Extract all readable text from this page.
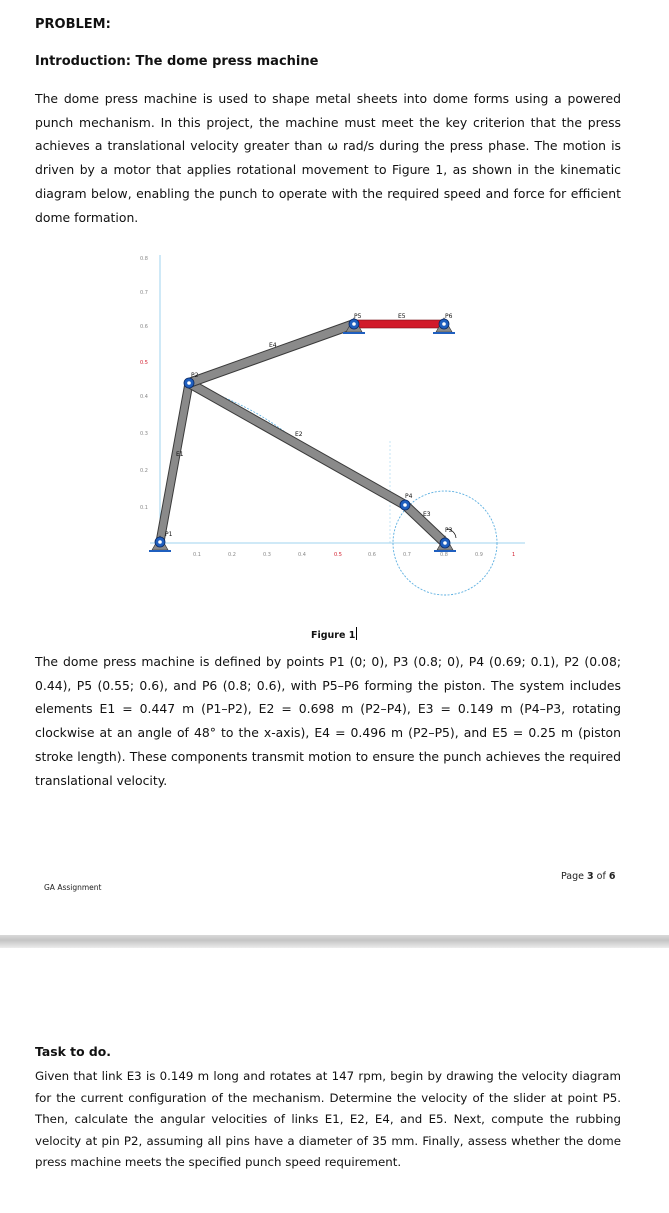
PROBLEM:
Introduction: The dome press machine

The dome press machine is used to shape metal sheets into dome forms using a powered punch mechanism. In this project, the machine must meet the key criterion that the press achieves a translational velocity greater than ω rad/s during the press phase. The motion is driven by a motor that applies rotational movement to Figure 1, as shown in the kinematic diagram below, enabling the punch to operate with the required speed and force for efficient dome formation.

0.1
0.2
0.3
0.4
0.5
0.6
0.7
0.8
0.1	0.2	0.3	0.4	0.5	0.6	0.7	0.8	0.9	1
P1
P2
P3
P4
P5	P6
E1
E2
E3
E4
E5
Figure 1

The dome press machine is defined by points P1 (0; 0), P3 (0.8; 0), P4 (0.69; 0.1), P2 (0.08; 0.44), P5 (0.55; 0.6), and P6 (0.8; 0.6), with P5–P6 forming the piston. The system includes elements E1 = 0.447 m (P1–P2), E2 = 0.698 m (P2–P4), E3 = 0.149 m (P4–P3, rotating clockwise at an angle of 48° to the x-axis), E4 = 0.496 m (P2–P5), and E5 = 0.25 m (piston stroke length). These components transmit motion to ensure the punch achieves the required translational velocity.

GA Assignment
Page 3 of 6
Task to do.

Given that link E3 is 0.149 m long and rotates at 147 rpm, begin by drawing the velocity diagram for the current configuration of the mechanism. Determine the velocity of the slider at point P5. Then, calculate the angular velocities of links E1, E2, E4, and E5. Next, compute the rubbing velocity at pin P2, assuming all pins have a diameter of 35 mm. Finally, assess whether the dome press machine meets the specified punch speed requirement.
